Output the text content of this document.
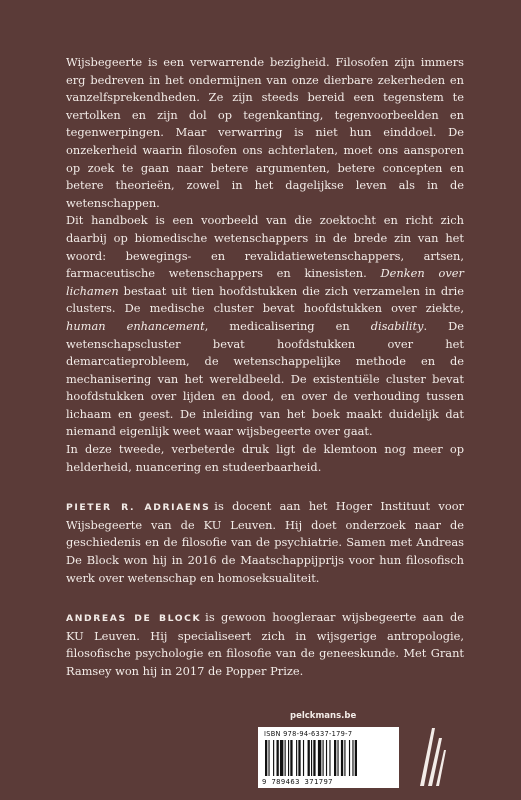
Wijsbegeerte is een verwarrende bezigheid. Filosofen zijn immers erg bedreven in het ondermijnen van onze dierbare zekerheden en vanzelfsprekendheden. Ze zijn steeds bereid een tegenstem te vertolken en zijn dol op tegenkanting, tegenvoorbeelden en tegenwerpingen. Maar verwarring is niet hun einddoel. De onzekerheid waarin filosofen ons achterlaten, moet ons aansporen op zoek te gaan naar betere argumenten, betere concepten en betere theorieën, zowel in het dagelijkse leven als in de wetenschappen.

Dit handboek is een voorbeeld van die zoektocht en richt zich daarbij op biomedische wetenschappers in de brede zin van het woord: bewegings- en revalidatiewetenschappers, artsen, farmaceutische wetenschappers en kinesisten. Denken over lichamen bestaat uit tien hoofdstukken die zich verzamelen in drie clusters. De medische cluster bevat hoofdstukken over ziekte, human enhancement, medicalisering en disability. De wetenschapscluster bevat hoofdstukken over het demarcatieprobleem, de wetenschappelijke methode en de mechanisering van het wereldbeeld. De existentiële cluster bevat hoofdstukken over lijden en dood, en over de verhouding tussen lichaam en geest. De inleiding van het boek maakt duidelijk dat niemand eigenlijk weet waar wijsbegeerte over gaat.

In deze tweede, verbeterde druk ligt de klemtoon nog meer op helderheid, nuancering en studeerbaarheid.

PIETER R. ADRIAENS is docent aan het Hoger Instituut voor Wijsbegeerte van de KU Leuven. Hij doet onderzoek naar de geschiedenis en de filosofie van de psychiatrie. Samen met Andreas De Block won hij in 2016 de Maatschappijprijs voor hun filosofisch werk over wetenschap en homoseksualiteit.

ANDREAS DE BLOCK is gewoon hoogleraar wijsbegeerte aan de KU Leuven. Hij specialiseert zich in wijsgerige antropologie, filosofische psychologie en filosofie van de geneeskunde. Met Grant Ramsey won hij in 2017 de Popper Prize.

pelckmans.be
ISBN 978-94-6337-179-7
9 789463 371797
